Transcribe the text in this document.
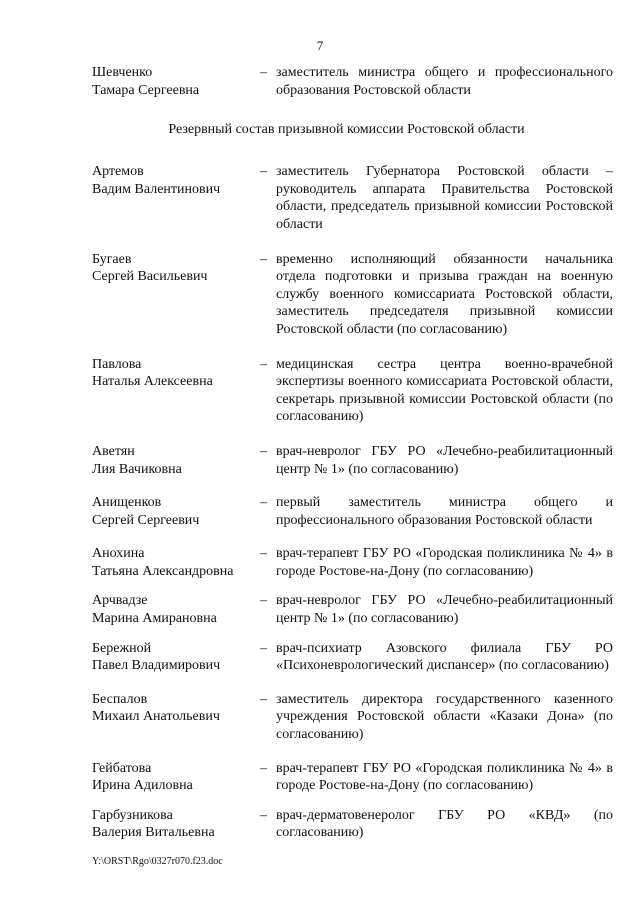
7
Шевченко
Тамара Сергеевна
– заместитель министра общего и профессионального образования Ростовской области
Резервный состав призывной комиссии Ростовской области
Артемов
Вадим Валентинович
– заместитель Губернатора Ростовской области – руководитель аппарата Правительства Ростовской области, председатель призывной комиссии Ростовской области
Бугаев
Сергей Васильевич
– временно исполняющий обязанности начальника отдела подготовки и призыва граждан на военную службу военного комиссариата Ростовской области, заместитель председателя призывной комиссии Ростовской области (по согласованию)
Павлова
Наталья Алексеевна
– медицинская сестра центра военно-врачебной экспертизы военного комиссариата Ростовской области, секретарь призывной комиссии Ростовской области (по согласованию)
Аветян
Лия Вачиковна
– врач-невролог ГБУ РО «Лечебно-реабилитационный центр № 1» (по согласованию)
Анищенков
Сергей Сергеевич
– первый заместитель министра общего и профессионального образования Ростовской области
Анохина
Татьяна Александровна
– врач-терапевт ГБУ РО «Городская поликлиника № 4» в городе Ростове-на-Дону (по согласованию)
Арчвадзе
Марина Амирановна
– врач-невролог ГБУ РО «Лечебно-реабилитационный центр № 1» (по согласованию)
Бережной
Павел Владимирович
– врач-психиатр Азовского филиала ГБУ РО «Психоневрологический диспансер» (по согласованию)
Беспалов
Михаил Анатольевич
– заместитель директора государственного казенного учреждения Ростовской области «Казаки Дона» (по согласованию)
Гейбатова
Ирина Адиловна
– врач-терапевт ГБУ РО «Городская поликлиника № 4» в городе Ростове-на-Дону (по согласованию)
Гарбузникова
Валерия Витальевна
– врач-дерматовенеролог ГБУ РО «КВД» (по согласованию)
Y:\ORST\Rgo\0327r070.f23.doc
